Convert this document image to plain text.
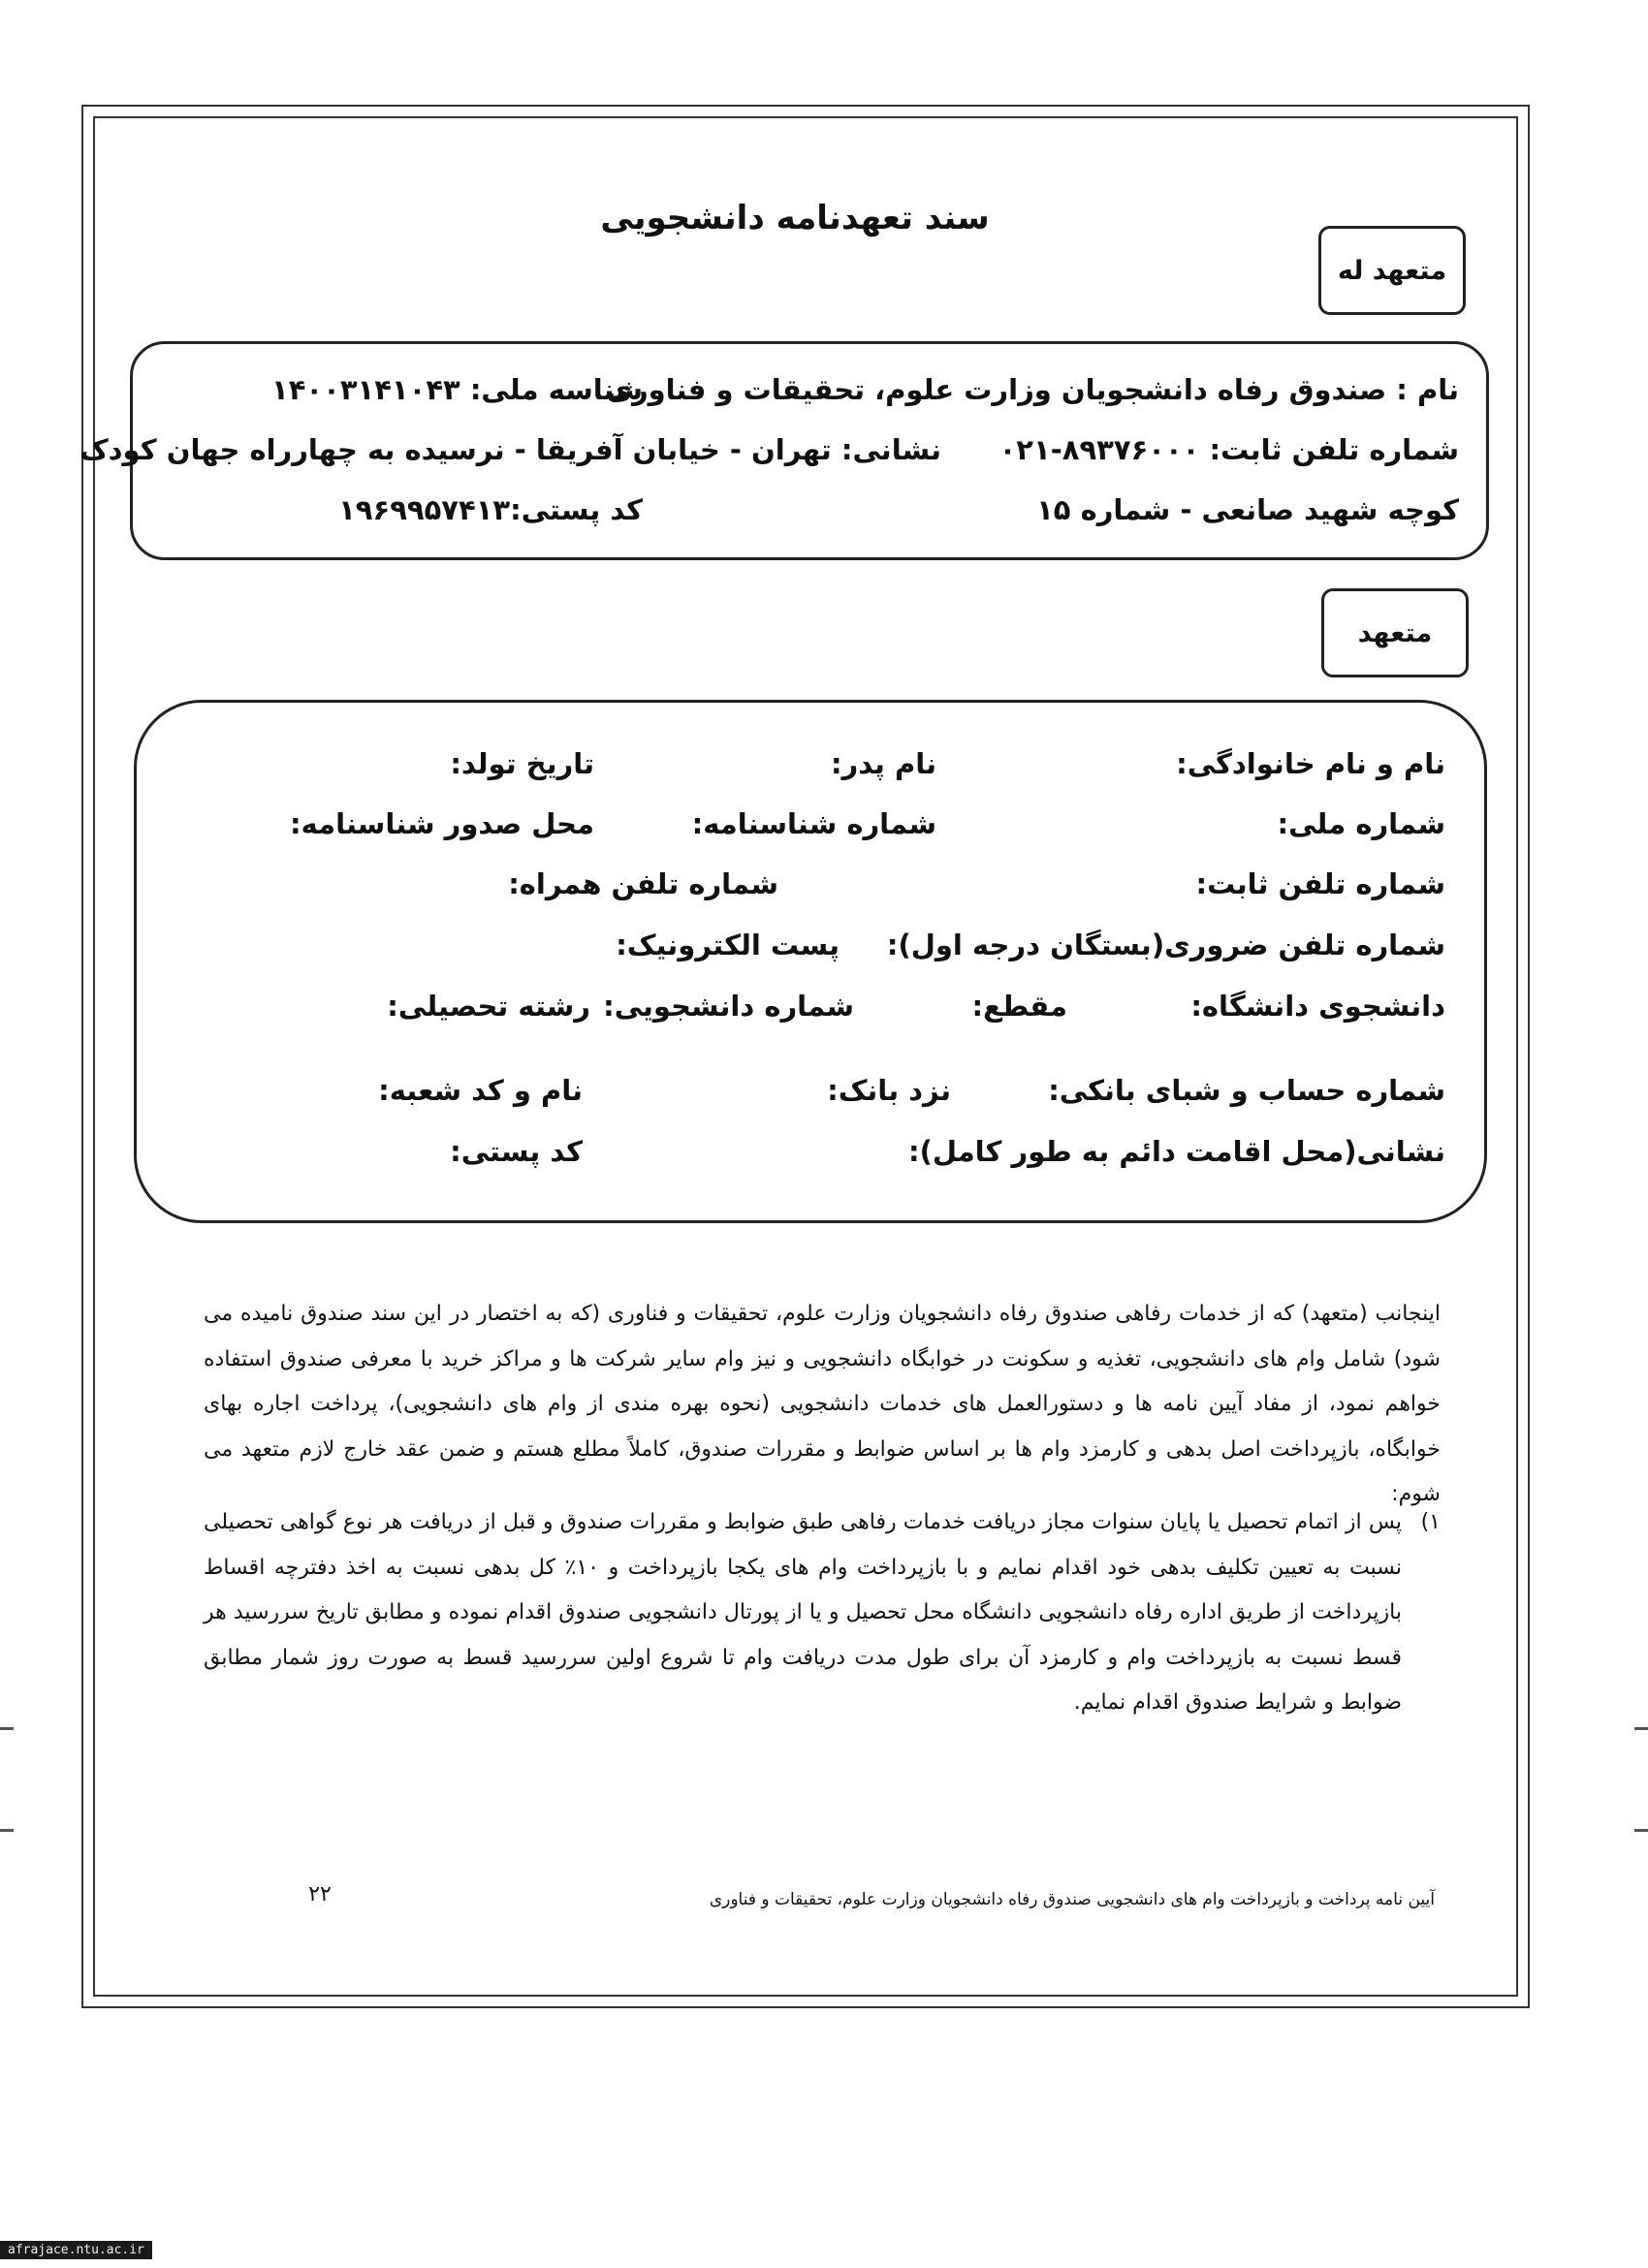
سند تعهدنامه دانشجویی
متعهد له
نام : صندوق رفاه دانشجویان وزارت علوم، تحقیقات و فناوری
شناسه ملی: ۱۴۰۰۳۱۴۱۰۴۳
شماره تلفن ثابت: ۸۹۳۷۶۰۰۰-۰۲۱
نشانی: تهران - خیابان آفریقا - نرسیده به چهارراه جهان کودک
کوچه شهید صانعی - شماره ۱۵
کد پستی:۱۹۶۹۹۵۷۴۱۳
متعهد
نام و نام خانوادگی:
نام پدر:
تاریخ تولد:
شماره ملی:
شماره شناسنامه:
محل صدور شناسنامه:
شماره تلفن ثابت:
شماره تلفن همراه:
شماره تلفن ضروری(بستگان درجه اول):
پست الکترونیک:
دانشجوی دانشگاه:
مقطع:
شماره دانشجویی:
رشته تحصیلی:
شماره حساب و شبای بانکی:
نزد بانک:
نام و کد شعبه:
نشانی(محل اقامت دائم به طور کامل):
کد پستی:

اینجانب (متعهد) که از خدمات رفاهی صندوق رفاه دانشجویان وزارت علوم، تحقیقات و فناوری (که به اختصار در این سند صندوق نامیده می شود) شامل وام های دانشجویی، تغذیه و سکونت در خوابگاه دانشجویی و نیز وام سایر شرکت ها و مراکز خرید با معرفی صندوق استفاده خواهم نمود، از مفاد آیین نامه ها و دستورالعمل های خدمات دانشجویی (نحوه بهره مندی از وام های دانشجویی)، پرداخت اجاره بهای خوابگاه، بازپرداخت اصل بدهی و کارمزد وام ها بر اساس ضوابط و مقررات صندوق، کاملاً مطلع هستم و ضمن عقد خارج لازم متعهد می شوم:

۱)
پس از اتمام تحصیل یا پایان سنوات مجاز دریافت خدمات رفاهی طبق ضوابط و مقررات صندوق و قبل از دریافت هر نوع گواهی تحصیلی نسبت به تعیین تکلیف بدهی خود اقدام نمایم و با بازپرداخت وام های یکجا بازپرداخت و ۱۰٪ کل بدهی نسبت به اخذ دفترچه اقساط بازپرداخت از طریق اداره رفاه دانشجویی دانشگاه محل تحصیل و یا از پورتال دانشجویی صندوق اقدام نموده و مطابق تاریخ سررسید هر قسط نسبت به بازپرداخت وام و کارمزد آن برای طول مدت دریافت وام تا شروع اولین سررسید قسط به صورت روز شمار مطابق ضوابط و شرایط صندوق اقدام نمایم.
آیین نامه پرداخت و بازپرداخت وام های دانشجویی صندوق رفاه دانشجویان وزارت علوم، تحقیقات و فناوری
۲۲
afrajace.ntu.ac.ir
